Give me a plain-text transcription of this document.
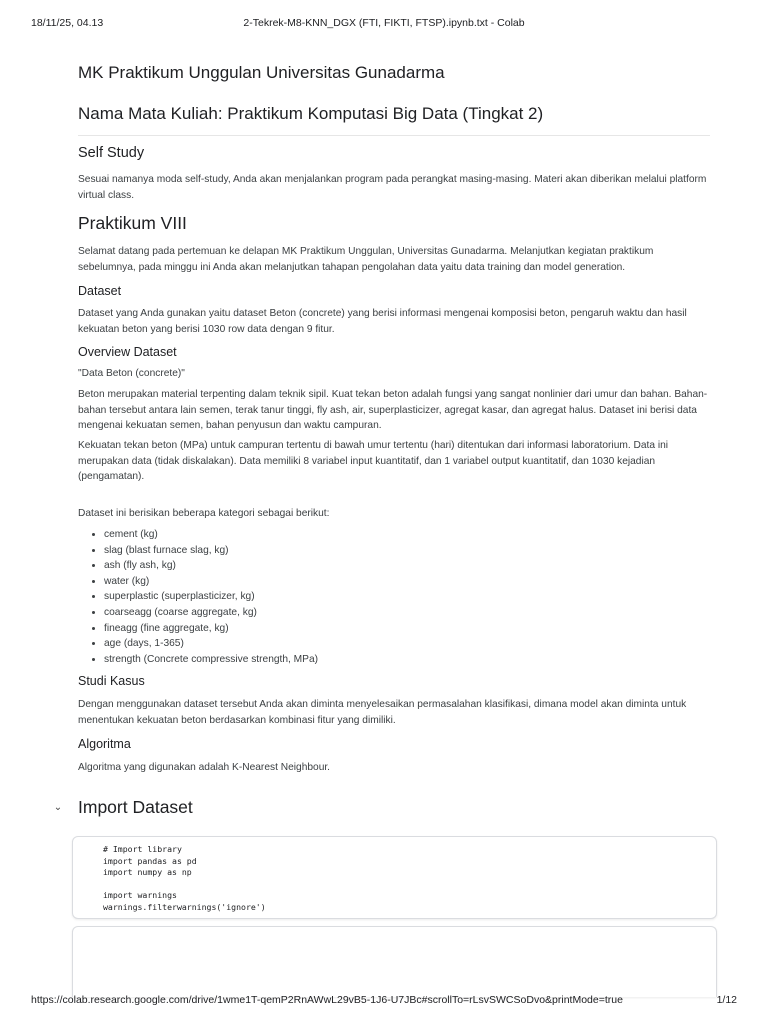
18/11/25, 04.13	2-Tekrek-M8-KNN_DGX (FTI, FIKTI, FTSP).ipynb.txt - Colab
MK Praktikum Unggulan Universitas Gunadarma
Nama Mata Kuliah: Praktikum Komputasi Big Data (Tingkat 2)
Self Study
Sesuai namanya moda self-study, Anda akan menjalankan program pada perangkat masing-masing. Materi akan diberikan melalui platform virtual class.
Praktikum VIII
Selamat datang pada pertemuan ke delapan MK Praktikum Unggulan, Universitas Gunadarma. Melanjutkan kegiatan praktikum sebelumnya, pada minggu ini Anda akan melanjutkan tahapan pengolahan data yaitu data training dan model generation.
Dataset
Dataset yang Anda gunakan yaitu dataset Beton (concrete) yang berisi informasi mengenai komposisi beton, pengaruh waktu dan hasil kekuatan beton yang berisi 1030 row data dengan 9 fitur.
Overview Dataset
"Data Beton (concrete)"
Beton merupakan material terpenting dalam teknik sipil. Kuat tekan beton adalah fungsi yang sangat nonlinier dari umur dan bahan. Bahan-bahan tersebut antara lain semen, terak tanur tinggi, fly ash, air, superplasticizer, agregat kasar, dan agregat halus. Dataset ini berisi data mengenai kekuatan semen, bahan penyusun dan waktu campuran.
Kekuatan tekan beton (MPa) untuk campuran tertentu di bawah umur tertentu (hari) ditentukan dari informasi laboratorium. Data ini merupakan data (tidak diskalakan). Data memiliki 8 variabel input kuantitatif, dan 1 variabel output kuantitatif, dan 1030 kejadian (pengamatan).
Dataset ini berisikan beberapa kategori sebagai berikut:
• cement (kg)
• slag (blast furnace slag, kg)
• ash (fly ash, kg)
• water (kg)
• superplastic (superplasticizer, kg)
• coarseagg (coarse aggregate, kg)
• fineagg (fine aggregate, kg)
• age (days, 1-365)
• strength (Concrete compressive strength, MPa)
Studi Kasus
Dengan menggunakan dataset tersebut Anda akan diminta menyelesaikan permasalahan klasifikasi, dimana model akan diminta untuk menentukan kekuatan beton berdasarkan kombinasi fitur yang dimiliki.
Algoritma
Algoritma yang digunakan adalah K-Nearest Neighbour.
⌄ Import Dataset
# Import library
import pandas as pd
import numpy as np

import warnings
warnings.filterwarnings('ignore')
https://colab.research.google.com/drive/1wme1T-qemP2RnAWwL29vB5-1J6-U7JBc#scrollTo=rLsvSWCSoDvo&printMode=true	1/12
